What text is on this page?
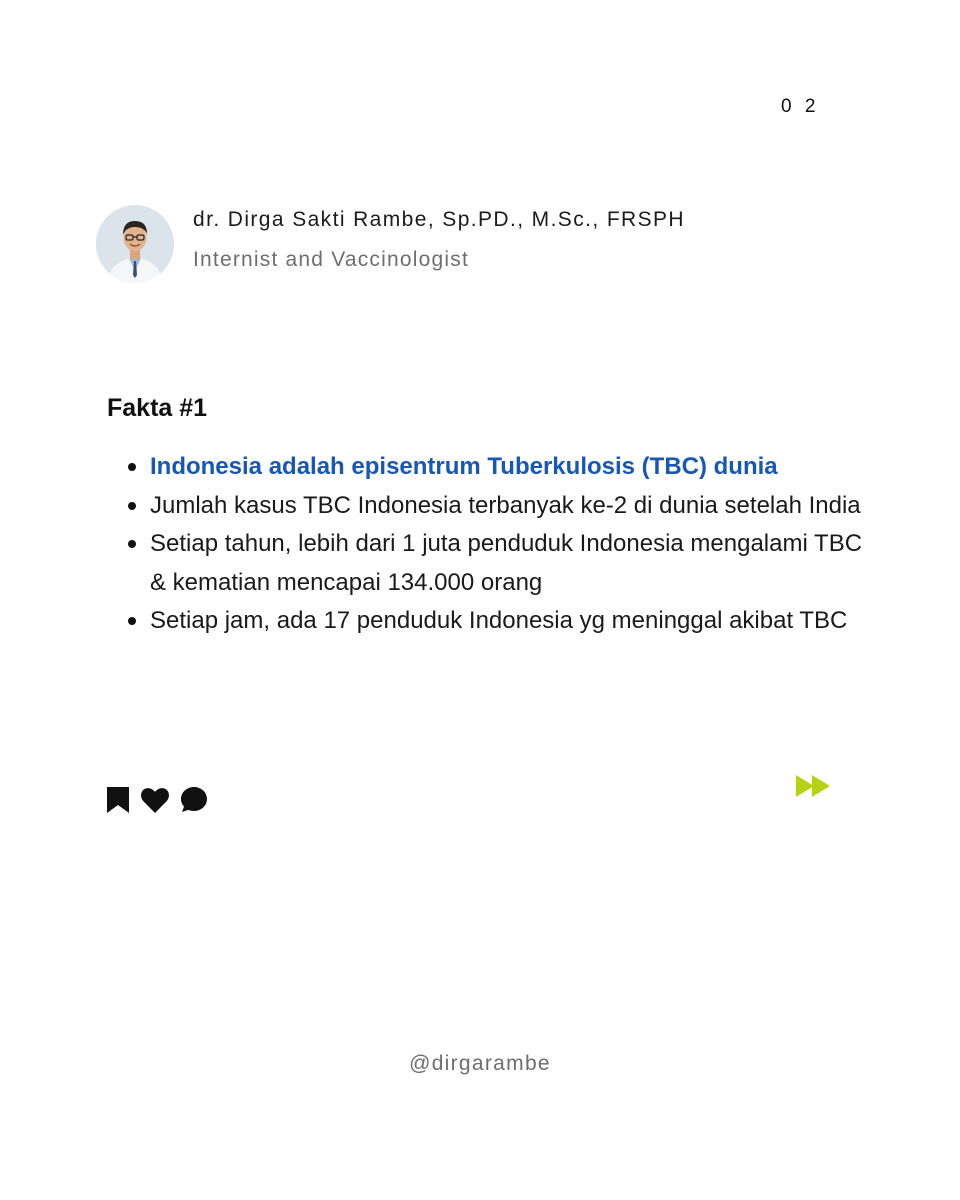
0 2
dr. Dirga Sakti Rambe, Sp.PD., M.Sc., FRSPH
Internist and Vaccinologist
Fakta #1
Indonesia adalah episentrum Tuberkulosis (TBC) dunia
Jumlah kasus TBC Indonesia terbanyak ke-2 di dunia setelah India
Setiap tahun, lebih dari 1 juta penduduk Indonesia mengalami TBC & kematian mencapai 134.000 orang
Setiap jam, ada 17 penduduk Indonesia yg meninggal akibat TBC
@dirgarambe
